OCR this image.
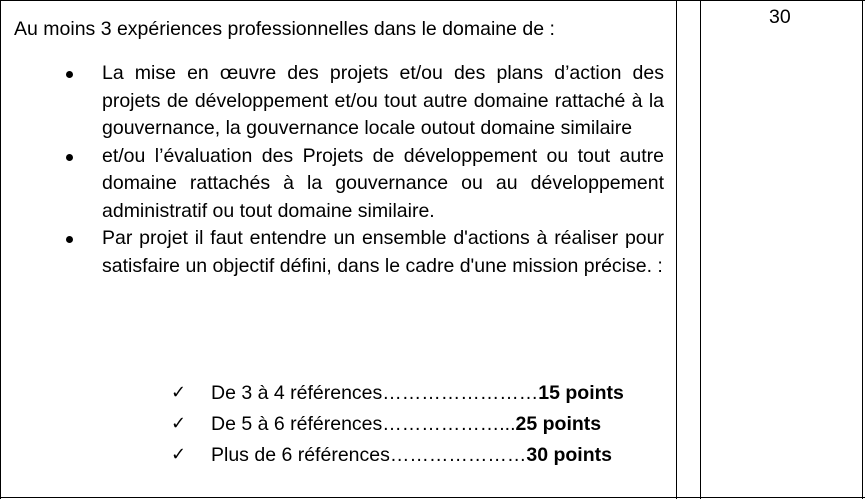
Au moins 3 expériences professionnelles dans le domaine de :
La mise en œuvre des projets et/ou des plans d’action des projets de développement et/ou tout autre domaine rattaché à la gouvernance, la gouvernance locale outout domaine similaire
et/ou l’évaluation des Projets de développement ou tout autre domaine rattachés à la gouvernance ou au développement administratif ou tout domaine similaire.
Par projet il faut entendre un ensemble d'actions à réaliser pour satisfaire un objectif défini, dans le cadre d'une mission précise. :
✓ De 3 à 4 références……………………15 points
✓ De 5 à 6 références………………...25 points
✓ Plus de 6 références…………………30 points
30
